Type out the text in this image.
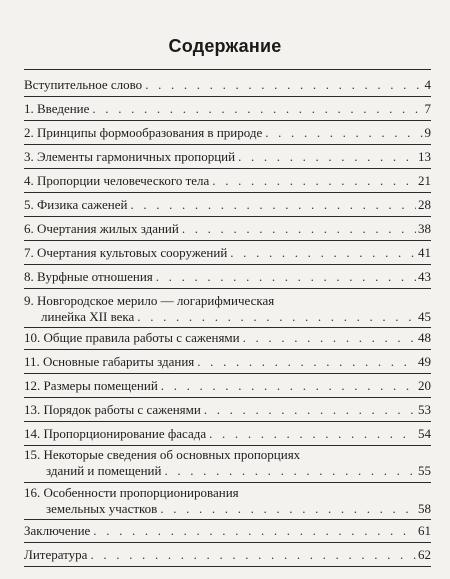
Содержание
Вступительное слово . . .	4
1. Введение . . .	7
2. Принципы формообразования в природе . . .	9
3. Элементы гармоничных пропорций . . .	13
4. Пропорции человеческого тела . . .	21
5. Физика саженей . . .	28
6. Очертания жилых зданий . . .	38
7. Очертания культовых сооружений . . .	41
8. Вурфные отношения . . .	43
9. Новгородское мерило — логарифмическая
линейка XII века . . .	45
10. Общие правила работы с саженями . . .	48
11. Основные габариты здания . . .	49
12. Размеры помещений . . .	20
13. Порядок работы с саженями . . .	53
14. Пропорционирование фасада . . .	54
15. Некоторые сведения об основных пропорциях
зданий и помещений . . .	55
16. Особенности пропорционирования
земельных участков . . .	58
Заключение . . .	61
Литература . . .	62
